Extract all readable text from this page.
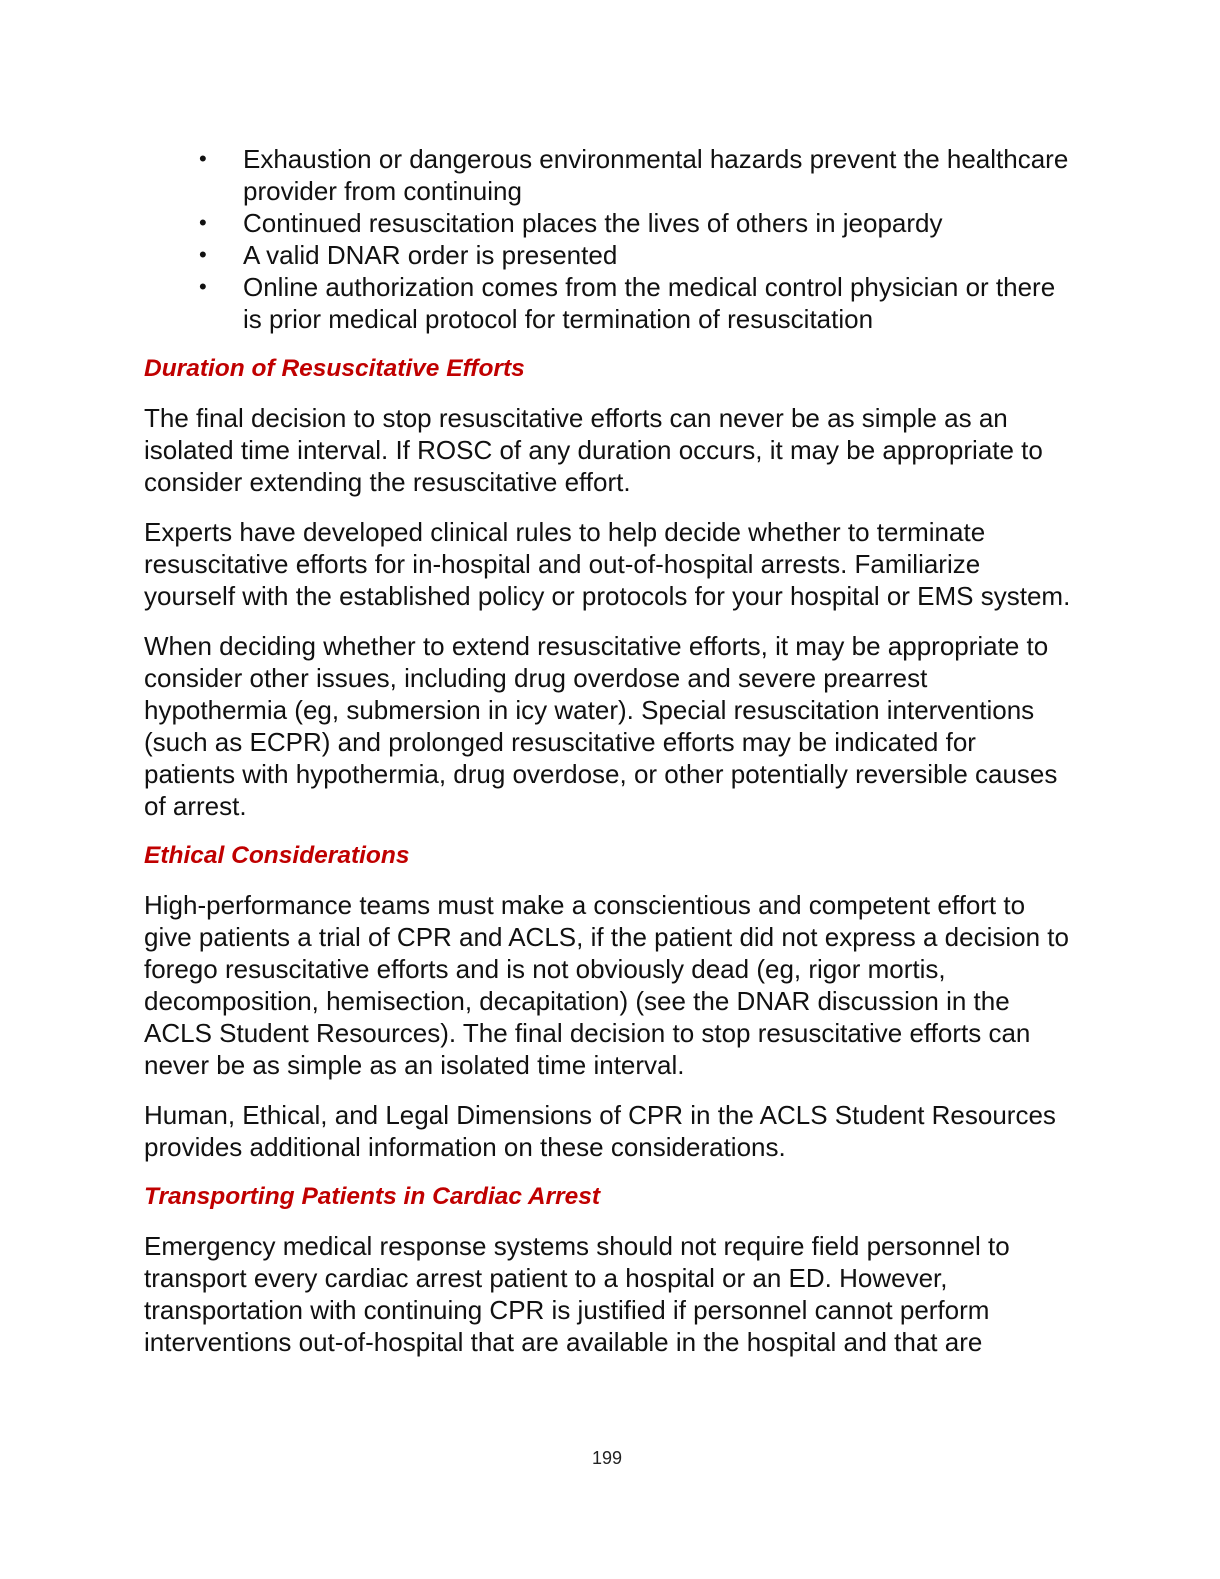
• Exhaustion or dangerous environmental hazards prevent the healthcare provider from continuing
• Continued resuscitation places the lives of others in jeopardy
• A valid DNAR order is presented
• Online authorization comes from the medical control physician or there is prior medical protocol for termination of resuscitation
Duration of Resuscitative Efforts

The final decision to stop resuscitative efforts can never be as simple as an isolated time interval. If ROSC of any duration occurs, it may be appropriate to consider extending the resuscitative effort.

Experts have developed clinical rules to help decide whether to terminate resuscitative efforts for in-hospital and out-of-hospital arrests. Familiarize yourself with the established policy or protocols for your hospital or EMS system.

When deciding whether to extend resuscitative efforts, it may be appropriate to consider other issues, including drug overdose and severe prearrest hypothermia (eg, submersion in icy water). Special resuscitation interventions (such as ECPR) and prolonged resuscitative efforts may be indicated for patients with hypothermia, drug overdose, or other potentially reversible causes of arrest.

Ethical Considerations

High-performance teams must make a conscientious and competent effort to give patients a trial of CPR and ACLS, if the patient did not express a decision to forego resuscitative efforts and is not obviously dead (eg, rigor mortis, decomposition, hemisection, decapitation) (see the DNAR discussion in the ACLS Student Resources). The final decision to stop resuscitative efforts can never be as simple as an isolated time interval.

Human, Ethical, and Legal Dimensions of CPR in the ACLS Student Resources provides additional information on these considerations.

Transporting Patients in Cardiac Arrest

Emergency medical response systems should not require field personnel to transport every cardiac arrest patient to a hospital or an ED. However, transportation with continuing CPR is justified if personnel cannot perform interventions out-of-hospital that are available in the hospital and that are

199
